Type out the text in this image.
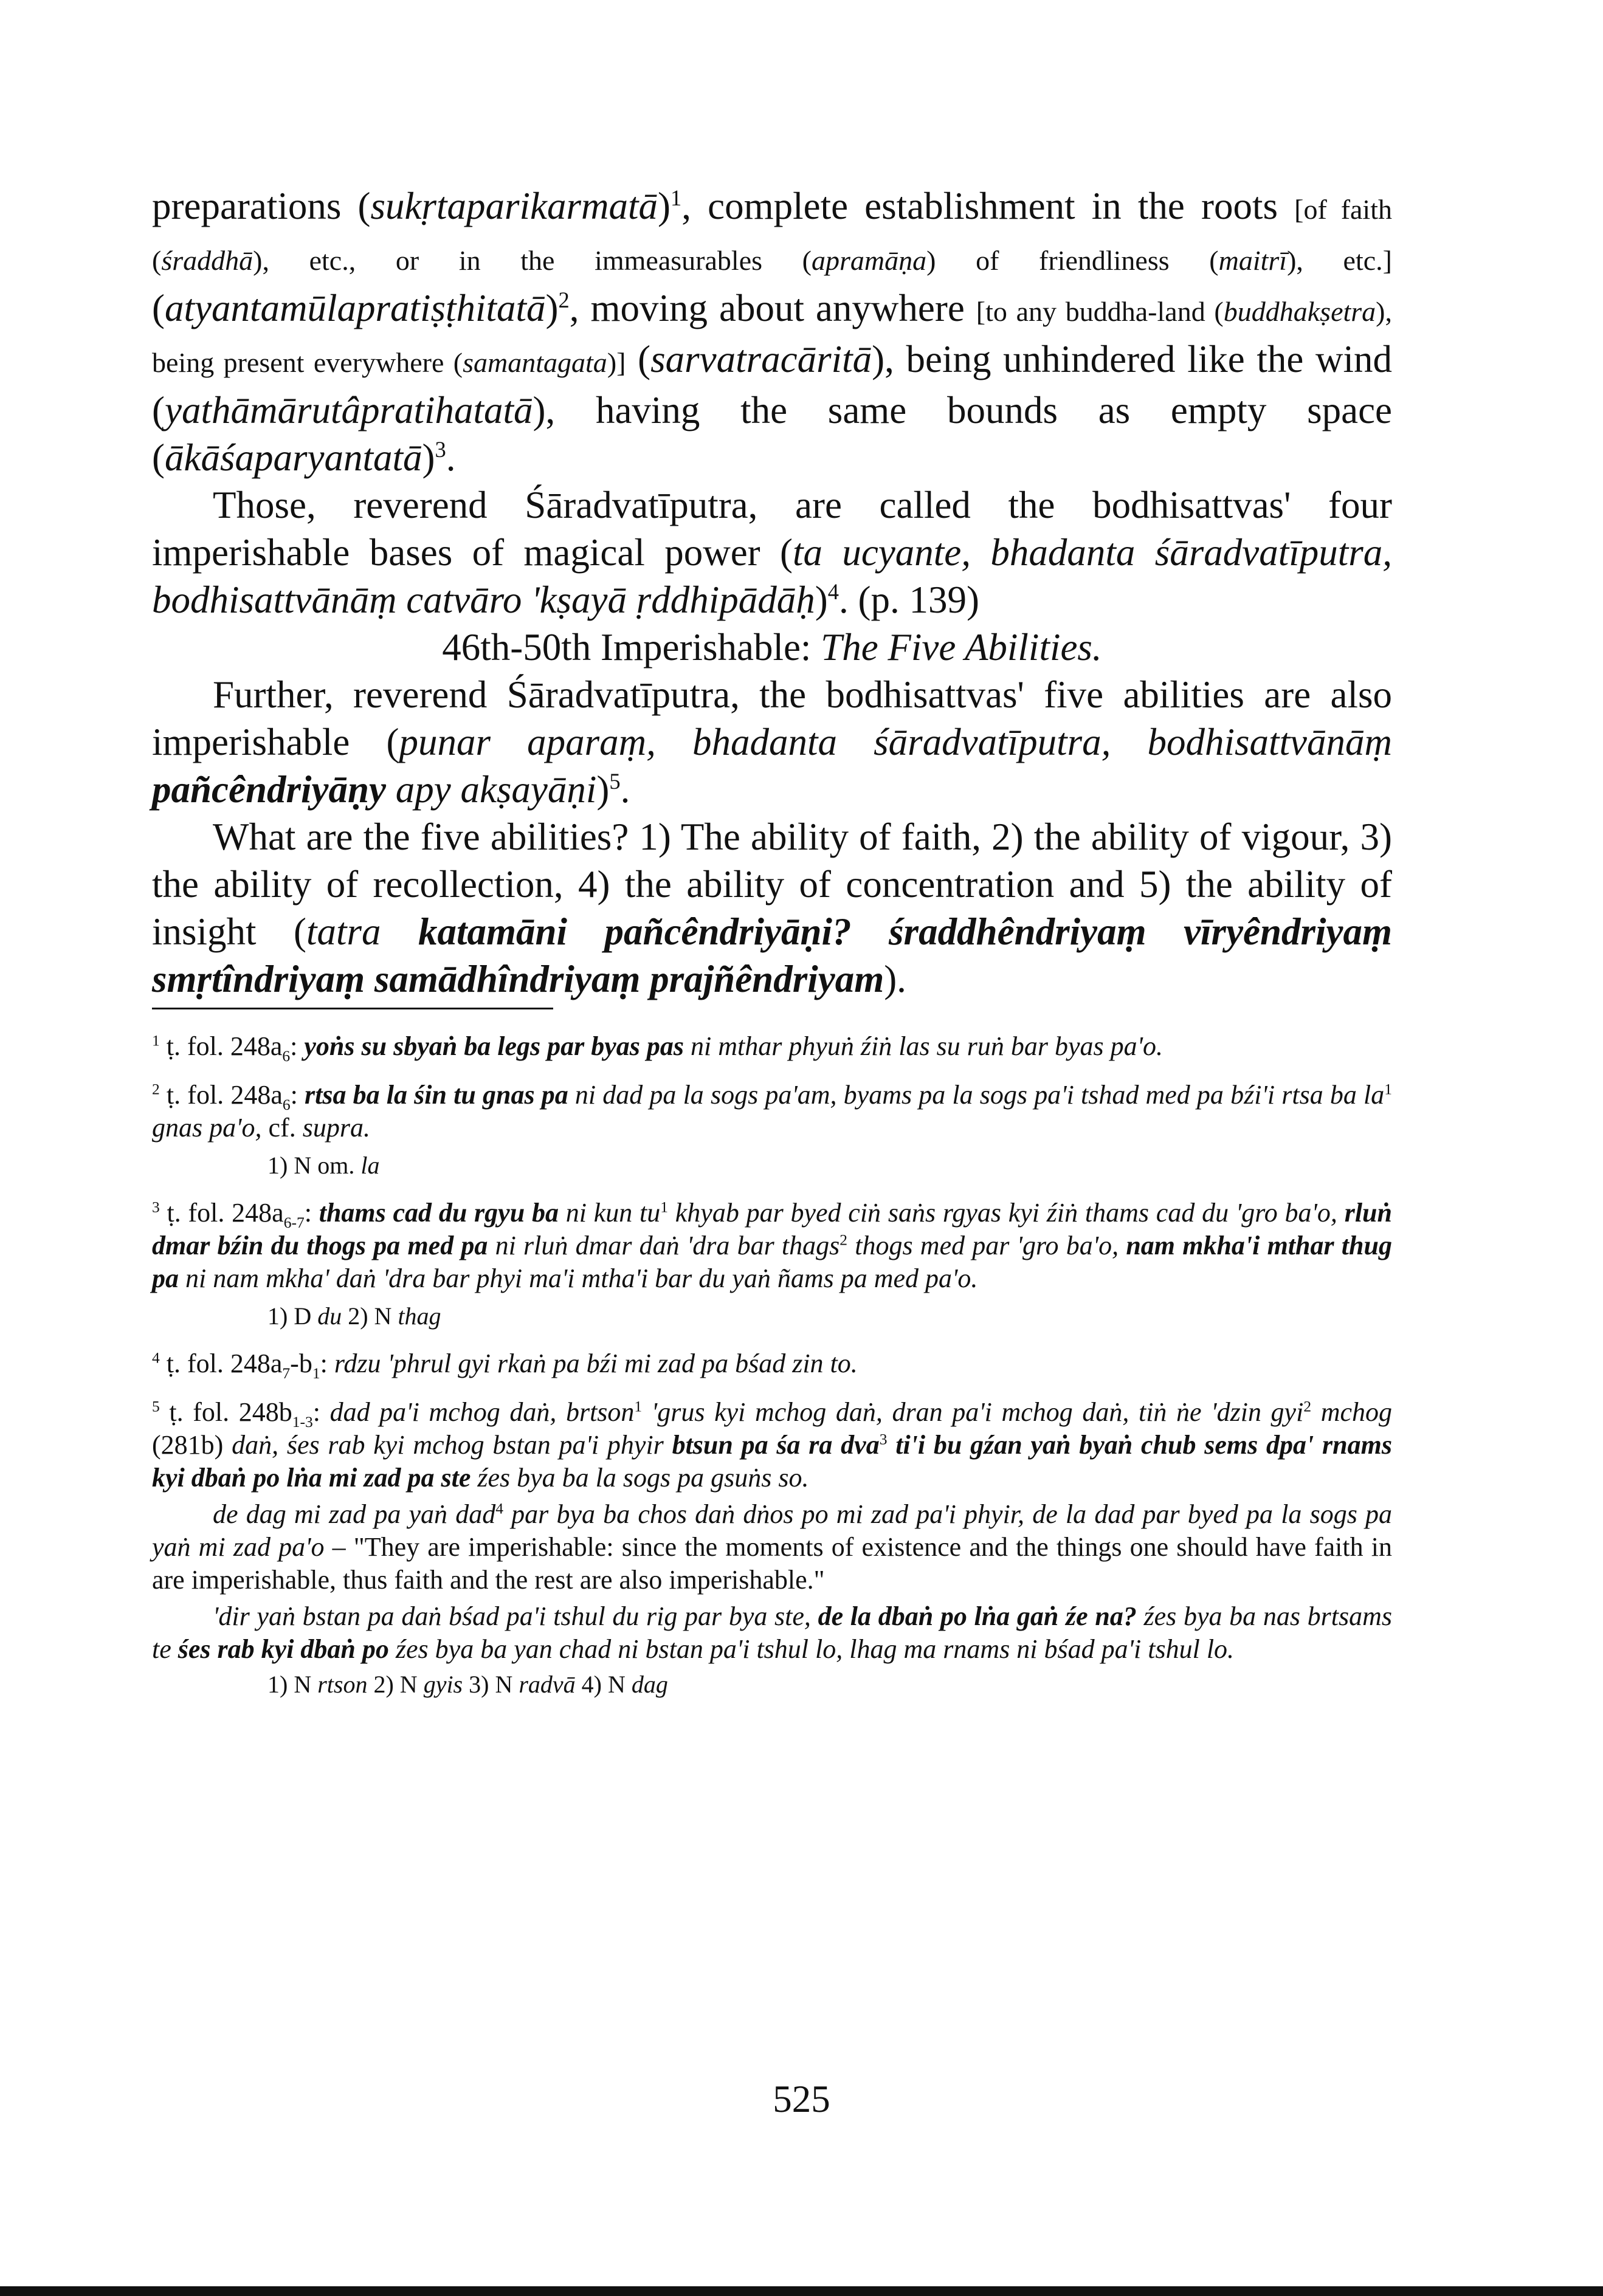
preparations (sukṛtaparikarmatā)$^1$, complete establishment in the roots [of faith (śraddhā), etc., or in the immeasurables (apramāṇa) of friendliness (maitrī), etc.] (atyantamūlapratiṣṭhitatā)$^2$, moving about anywhere [to any buddha-land (buddhakṣetra), being present everywhere (samantagata)] (sarvatracāritā), being unhindered like the wind (yathāmārutâpratihatatā), having the same bounds as empty space (ākāśaparyantatā)$^3$.

Those, reverend Śāradvatīputra, are called the bodhisattvas' four imperishable bases of magical power (ta ucyante, bhadanta śāradvatīputra, bodhisattvānāṃ catvāro 'kṣayā ṛddhipādāḥ)$^4$. (p. 139)

46th-50th Imperishable: The Five Abilities.

Further, reverend Śāradvatīputra, the bodhisattvas' five abilities are also imperishable (punar aparaṃ, bhadanta śāradvatīputra, bodhisattvānāṃ pañcêndriyāṇy apy akṣayāṇi)$^5$.

What are the five abilities? 1) The ability of faith, 2) the ability of vigour, 3) the ability of recollection, 4) the ability of concentration and 5) the ability of insight (tatra katamāni pañcêndriyāṇi? śraddhêndriyaṃ vīryêndriyaṃ smṛtîndriyaṃ samādhîndriyaṃ prajñêndriyam).

$^1$ ṭ. fol. $248a_6$: yoṅs su sbyaṅ ba legs par byas pas ni mthar phyuṅ źiṅ las su ruṅ bar byas pa'o.

$^2$ ṭ. fol. $248a_6$: rtsa ba la śin tu gnas pa ni dad pa la sogs pa'am, byams pa la sogs pa'i tshad med pa bźi'i rtsa ba $la^1$ gnas pa'o, cf. supra.

1) N om. la

$^3$ ṭ. fol. $248a_{6-7}$: thams cad du rgyu ba ni kun $tu^1$ khyab par byed ciṅ saṅs rgyas kyi źiṅ thams cad du 'gro ba'o, rluṅ dmar bźin du thogs pa med pa ni rluṅ dmar daṅ 'dra bar thags$^2$ thogs med par 'gro ba'o, nam mkha'i mthar thug pa ni nam mkha' daṅ 'dra bar phyi ma'i mtha'i bar du yaṅ ñams pa med pa'o.

1) D du 2) N thag

$^4$ ṭ. fol. $248a_7-b_1$: rdzu 'phrul gyi rkaṅ pa bźi mi zad pa bśad zin to.

$^5$ ṭ. fol. $248b_{1-3}$: dad pa'i mchog daṅ, brtson$^1$ 'grus kyi mchog daṅ, dran pa'i mchog daṅ, tiṅ ṅe 'dzin gyi$^2$ mchog (281b) daṅ, śes rab kyi mchog bstan pa'i phyir btsun pa śa ra dva$^3$ ti'i bu gźan yaṅ byaṅ chub sems dpa' rnams kyi dbaṅ po lṅa mi zad pa ste źes bya ba la sogs pa gsuṅs so.

de dag mi zad pa yaṅ dad$^4$ par bya ba chos daṅ dṅos po mi zad pa'i phyir, de la dad par byed pa la sogs pa yaṅ mi zad pa'o – "They are imperishable: since the moments of existence and the things one should have faith in are imperishable, thus faith and the rest are also imperishable."

'dir yaṅ bstan pa daṅ bśad pa'i tshul du rig par bya ste, de la dbaṅ po lṅa gaṅ źe na? źes bya ba nas brtsams te śes rab kyi dbaṅ po źes bya ba yan chad ni bstan pa'i tshul lo, lhag ma rnams ni bśad pa'i tshul lo.

1) N rtson 2) N gyis 3) N radvā 4) N dag

525
